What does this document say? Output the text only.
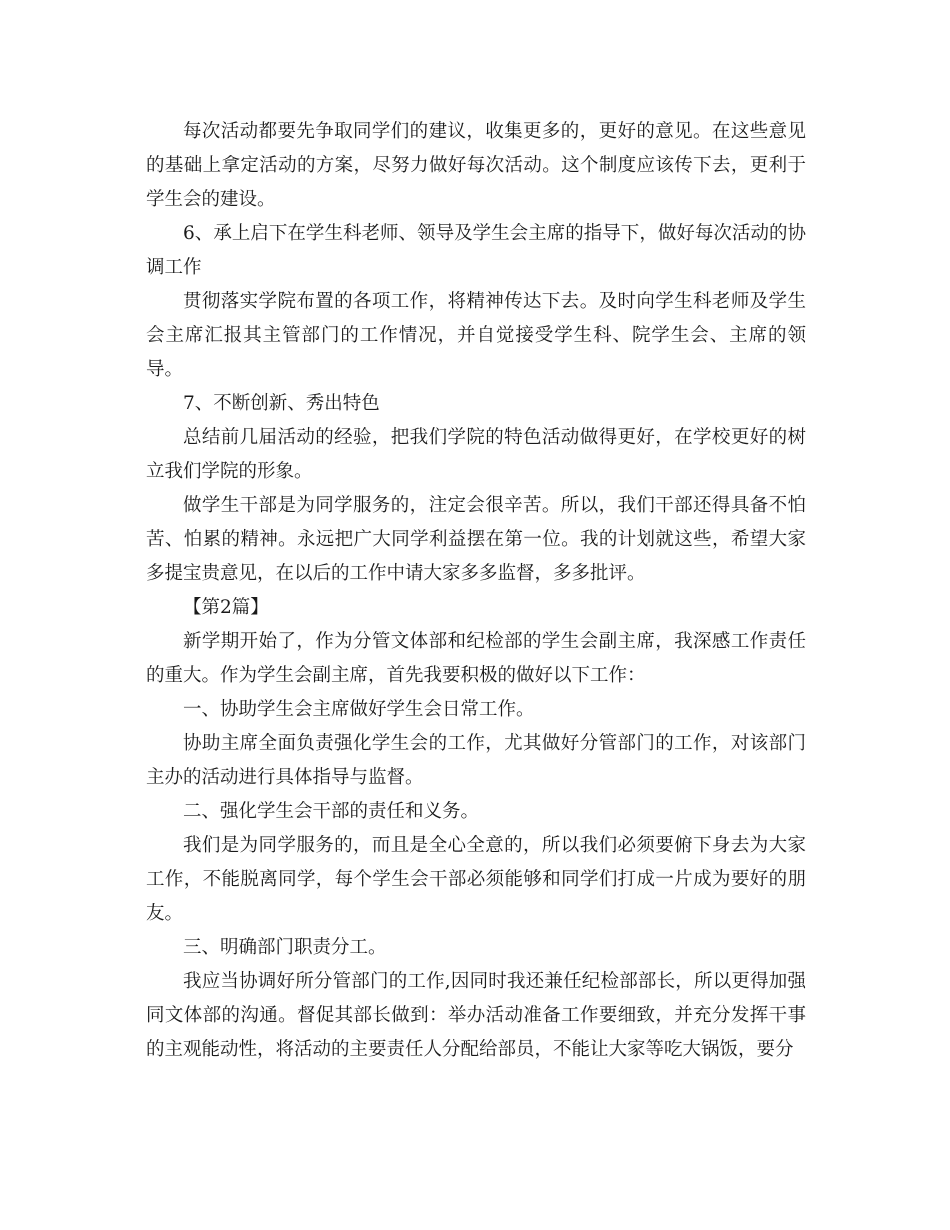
每次活动都要先争取同学们的建议，收集更多的，更好的意见。在这些意见的基础上拿定活动的方案，尽努力做好每次活动。这个制度应该传下去，更利于学生会的建设。

6、承上启下在学生科老师、领导及学生会主席的指导下，做好每次活动的协调工作

贯彻落实学院布置的各项工作，将精神传达下去。及时向学生科老师及学生会主席汇报其主管部门的工作情况，并自觉接受学生科、院学生会、主席的领导。

7、不断创新、秀出特色

总结前几届活动的经验，把我们学院的特色活动做得更好，在学校更好的树立我们学院的形象。

做学生干部是为同学服务的，注定会很辛苦。所以，我们干部还得具备不怕苦、怕累的精神。永远把广大同学利益摆在第一位。我的计划就这些，希望大家多提宝贵意见，在以后的工作中请大家多多监督，多多批评。

【第2篇】

新学期开始了，作为分管文体部和纪检部的学生会副主席，我深感工作责任的重大。作为学生会副主席，首先我要积极的做好以下工作：

一、协助学生会主席做好学生会日常工作。

协助主席全面负责强化学生会的工作，尤其做好分管部门的工作，对该部门主办的活动进行具体指导与监督。

二、强化学生会干部的责任和义务。

我们是为同学服务的，而且是全心全意的，所以我们必须要俯下身去为大家工作，不能脱离同学，每个学生会干部必须能够和同学们打成一片成为要好的朋友。

三、明确部门职责分工。

我应当协调好所分管部门的工作,因同时我还兼任纪检部部长，所以更得加强同文体部的沟通。督促其部长做到：举办活动准备工作要细致，并充分发挥干事的主观能动性，将活动的主要责任人分配给部员，不能让大家等吃大锅饭，要分
